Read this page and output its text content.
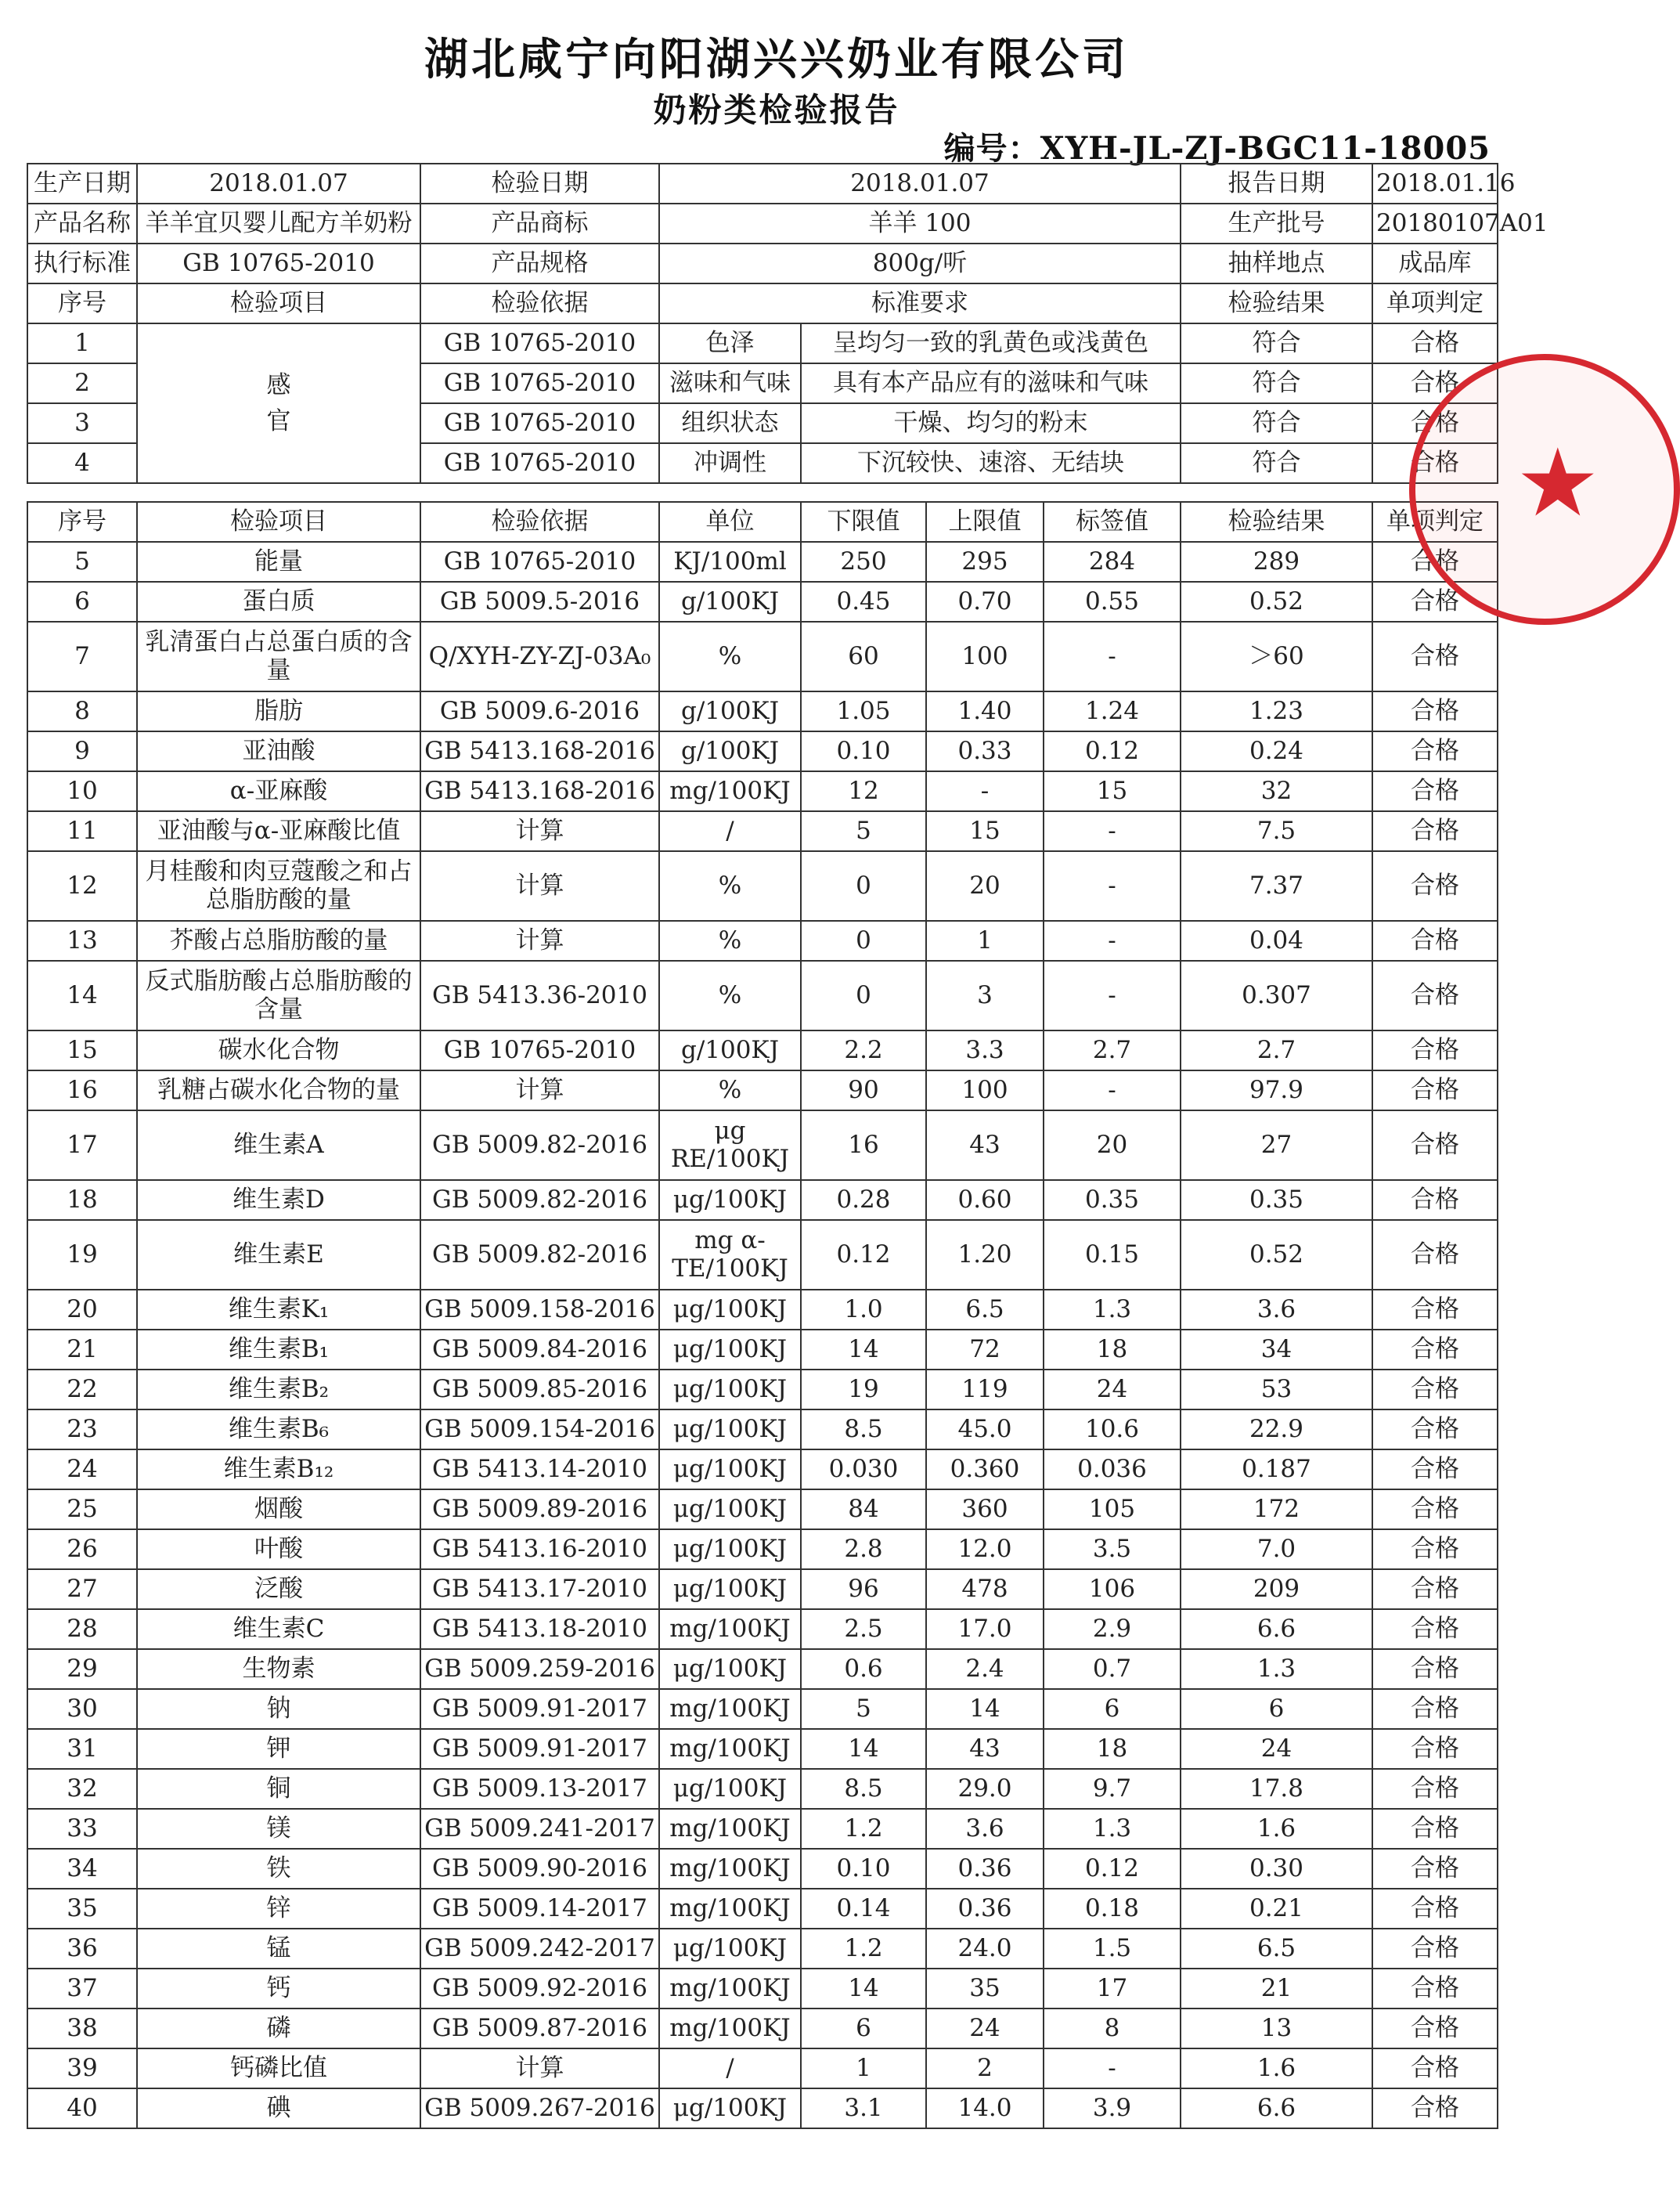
湖北咸宁向阳湖兴兴奶业有限公司
奶粉类检验报告
编号：XYH-JL-ZJ-BGC11-18005
生产日期	2018.01.07	检验日期	2018.01.07		报告日期	2018.01.16
产品名称	羊羊宜贝婴儿配方羊奶粉	产品商标	羊羊 100		生产批号	20180107A01
执行标准	GB 10765-2010	产品规格	800g/听		抽样地点	成品库
序号	检验项目	检验依据	标准要求		检验结果	单项判定
1	感官	GB 10765-2010	色泽	呈均匀一致的乳黄色或浅黄色	符合	合格
2		GB 10765-2010	滋味和气味	具有本产品应有的滋味和气味	符合	合格
3		GB 10765-2010	组织状态	干燥、均匀的粉末	符合	合格
4		GB 10765-2010	冲调性	下沉较快、速溶、无结块	符合	合格
序号	检验项目	检验依据	单位	下限值	上限值	标签值	检验结果	单项判定
5	能量	GB 10765-2010	KJ/100ml	250	295	284	289	合格
6	蛋白质	GB 5009.5-2016	g/100KJ	0.45	0.70	0.55	0.52	合格
7	乳清蛋白占总蛋白质的含量	Q/XYH-ZY-ZJ-03A₀	%	60	100	-	＞60	合格
8	脂肪	GB 5009.6-2016	g/100KJ	1.05	1.40	1.24	1.23	合格
9	亚油酸	GB 5413.168-2016	g/100KJ	0.10	0.33	0.12	0.24	合格
10	α-亚麻酸	GB 5413.168-2016	mg/100KJ	12	-	15	32	合格
11	亚油酸与α-亚麻酸比值	计算	/	5	15	-	7.5	合格
12	月桂酸和肉豆蔻酸之和占总脂肪酸的量	计算	%	0	20	-	7.37	合格
13	芥酸占总脂肪酸的量	计算	%	0	1	-	0.04	合格
14	反式脂肪酸占总脂肪酸的含量	GB 5413.36-2010	%	0	3	-	0.307	合格
15	碳水化合物	GB 10765-2010	g/100KJ	2.2	3.3	2.7	2.7	合格
16	乳糖占碳水化合物的量	计算	%	90	100	-	97.9	合格
17	维生素A	GB 5009.82-2016	μg RE/100KJ	16	43	20	27	合格
18	维生素D	GB 5009.82-2016	μg/100KJ	0.28	0.60	0.35	0.35	合格
19	维生素E	GB 5009.82-2016	mg α-TE/100KJ	0.12	1.20	0.15	0.52	合格
20	维生素K₁	GB 5009.158-2016	μg/100KJ	1.0	6.5	1.3	3.6	合格
21	维生素B₁	GB 5009.84-2016	μg/100KJ	14	72	18	34	合格
22	维生素B₂	GB 5009.85-2016	μg/100KJ	19	119	24	53	合格
23	维生素B₆	GB 5009.154-2016	μg/100KJ	8.5	45.0	10.6	22.9	合格
24	维生素B₁₂	GB 5413.14-2010	μg/100KJ	0.030	0.360	0.036	0.187	合格
25	烟酸	GB 5009.89-2016	μg/100KJ	84	360	105	172	合格
26	叶酸	GB 5413.16-2010	μg/100KJ	2.8	12.0	3.5	7.0	合格
27	泛酸	GB 5413.17-2010	μg/100KJ	96	478	106	209	合格
28	维生素C	GB 5413.18-2010	mg/100KJ	2.5	17.0	2.9	6.6	合格
29	生物素	GB 5009.259-2016	μg/100KJ	0.6	2.4	0.7	1.3	合格
30	钠	GB 5009.91-2017	mg/100KJ	5	14	6	6	合格
31	钾	GB 5009.91-2017	mg/100KJ	14	43	18	24	合格
32	铜	GB 5009.13-2017	μg/100KJ	8.5	29.0	9.7	17.8	合格
33	镁	GB 5009.241-2017	mg/100KJ	1.2	3.6	1.3	1.6	合格
34	铁	GB 5009.90-2016	mg/100KJ	0.10	0.36	0.12	0.30	合格
35	锌	GB 5009.14-2017	mg/100KJ	0.14	0.36	0.18	0.21	合格
36	锰	GB 5009.242-2017	μg/100KJ	1.2	24.0	1.5	6.5	合格
37	钙	GB 5009.92-2016	mg/100KJ	14	35	17	21	合格
38	磷	GB 5009.87-2016	mg/100KJ	6	24	8	13	合格
39	钙磷比值	计算	/	1	2	-	1.6	合格
40	碘	GB 5009.267-2016	μg/100KJ	3.1	14.0	3.9	6.6	合格
★
